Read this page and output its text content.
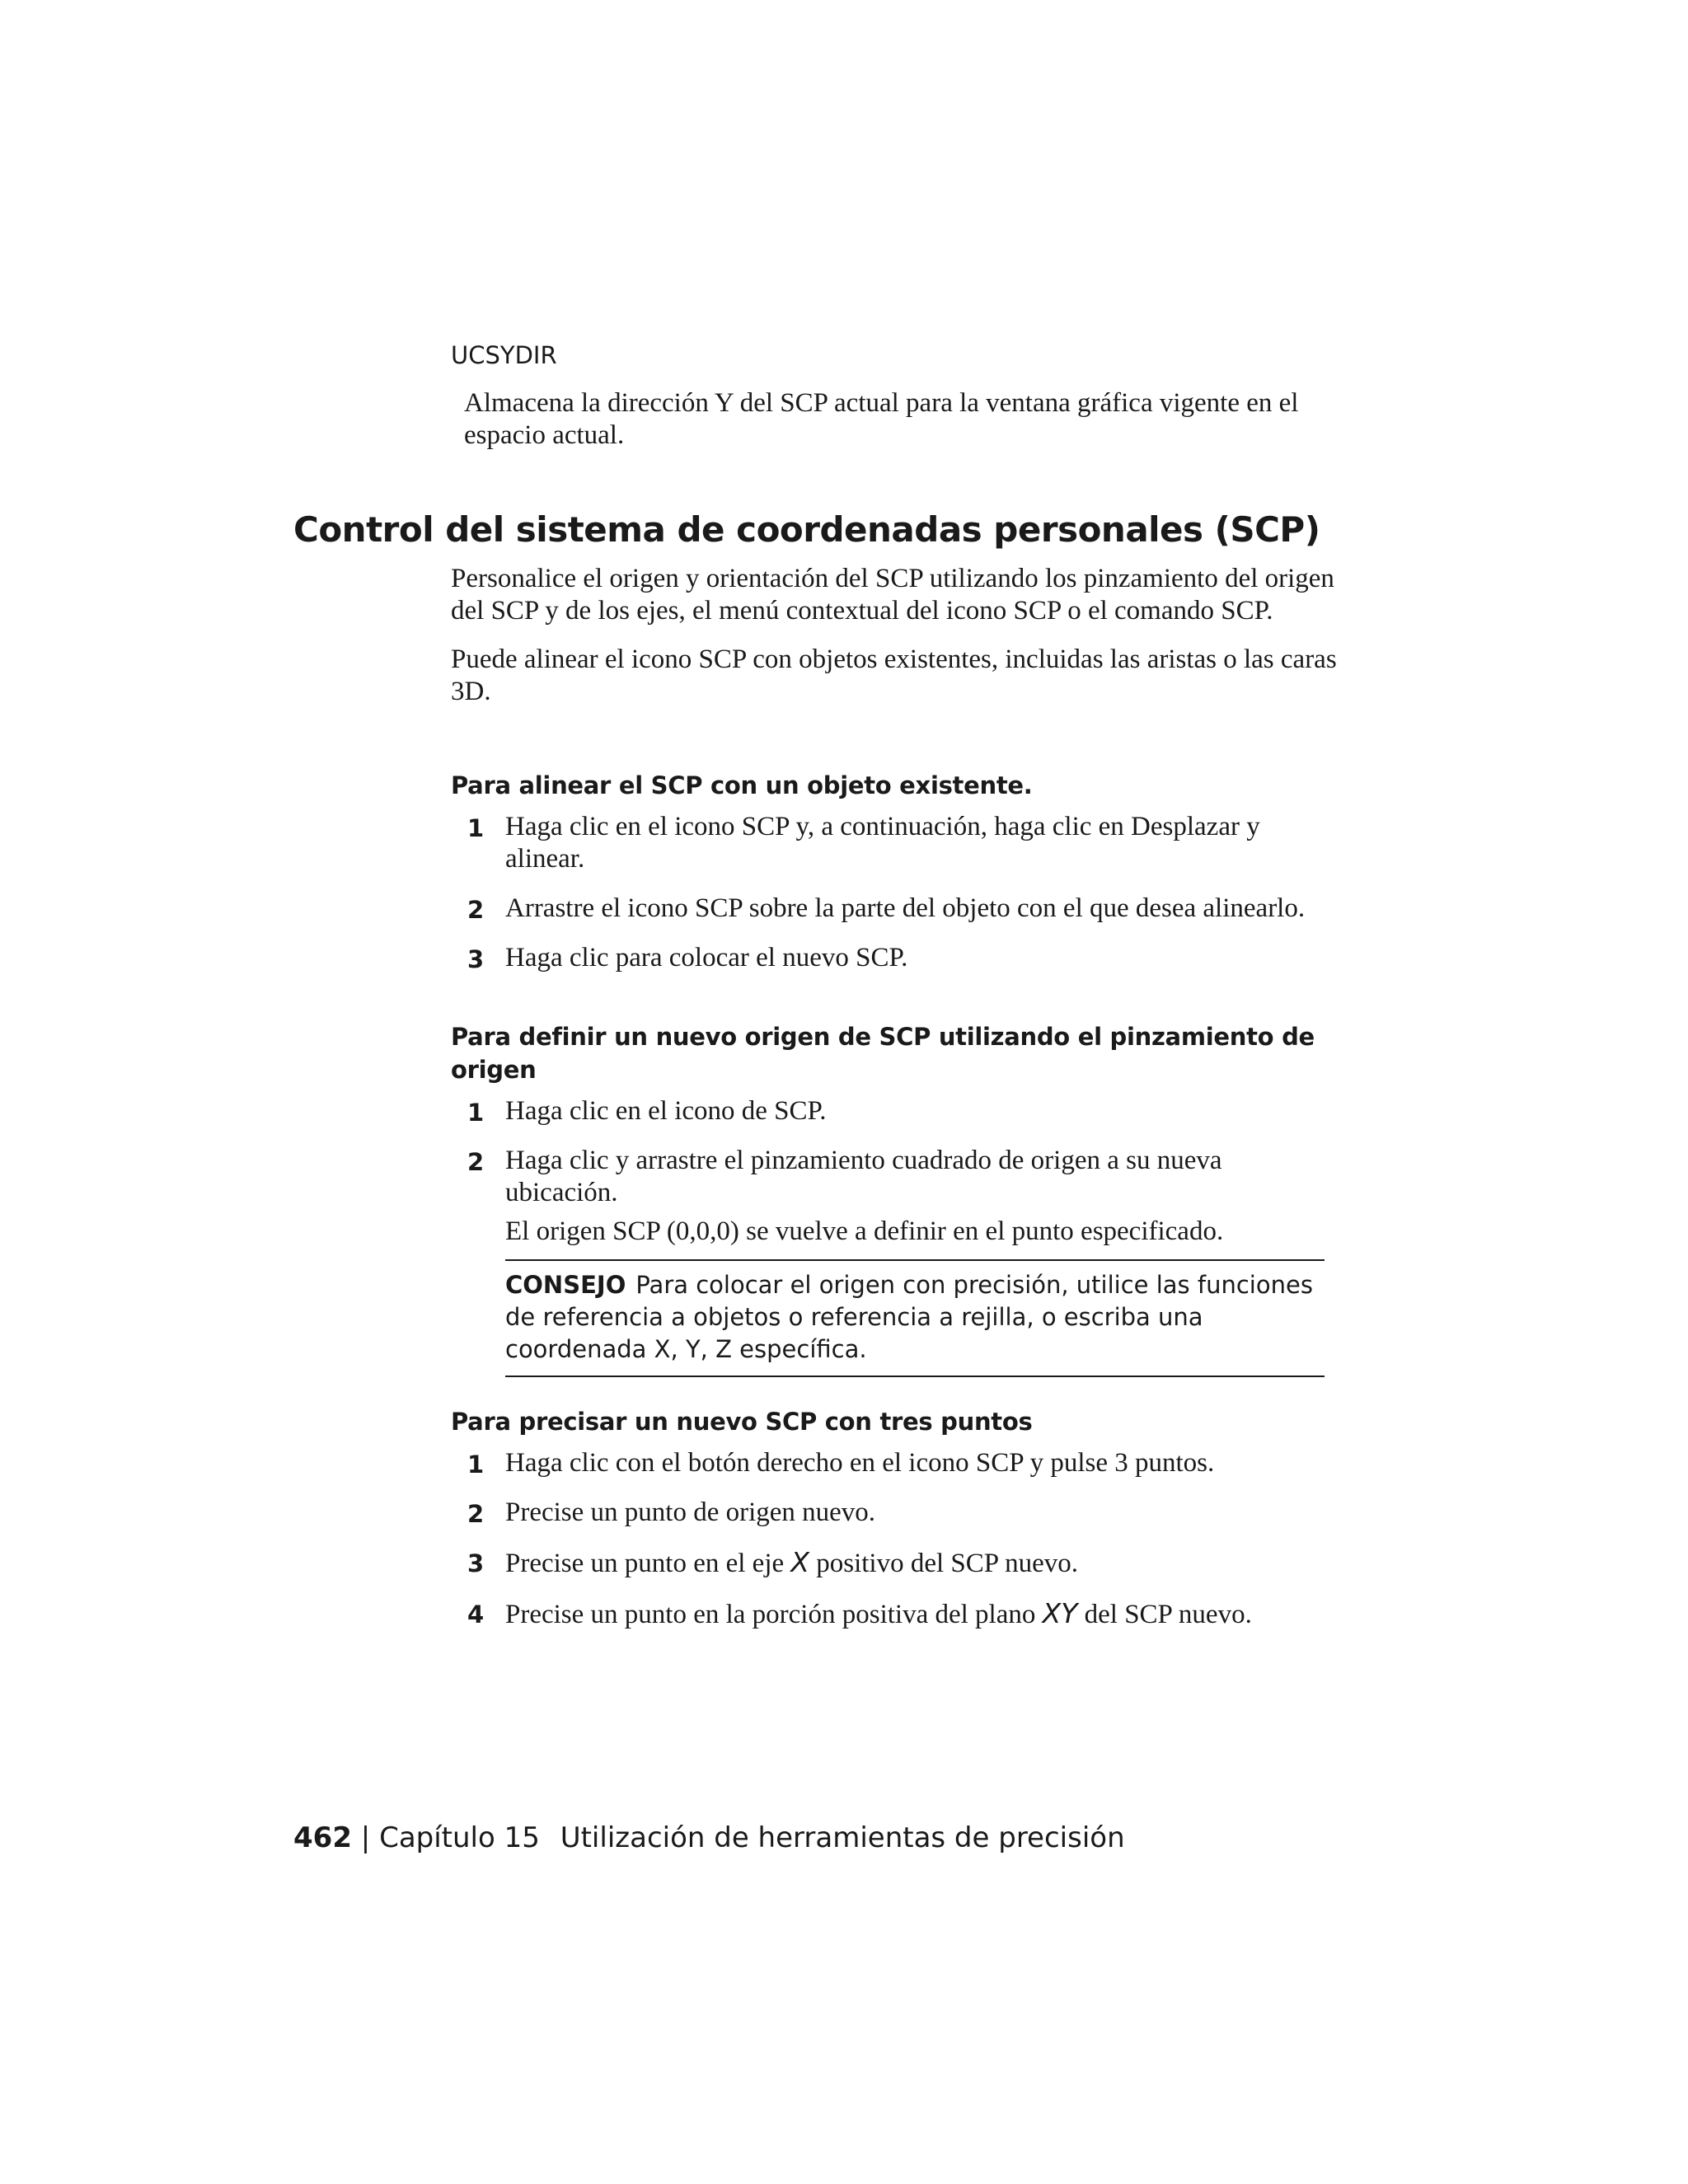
UCSYDIR

Almacena la dirección Y del SCP actual para la ventana gráfica vigente en el espacio actual.

Control del sistema de coordenadas personales (SCP)

Personalice el origen y orientación del SCP utilizando los pinzamiento del origen del SCP y de los ejes, el menú contextual del icono SCP o el comando SCP.

Puede alinear el icono SCP con objetos existentes, incluidas las aristas o las caras 3D.

Para alinear el SCP con un objeto existente.

1 Haga clic en el icono SCP y, a continuación, haga clic en Desplazar y alinear.
2 Arrastre el icono SCP sobre la parte del objeto con el que desea alinearlo.
3 Haga clic para colocar el nuevo SCP.

Para definir un nuevo origen de SCP utilizando el pinzamiento de origen

1 Haga clic en el icono de SCP.
2 Haga clic y arrastre el pinzamiento cuadrado de origen a su nueva ubicación.

El origen SCP (0,0,0) se vuelve a definir en el punto especificado.

CONSEJO Para colocar el origen con precisión, utilice las funciones de referencia a objetos o referencia a rejilla, o escriba una coordenada X, Y, Z específica.

Para precisar un nuevo SCP con tres puntos

1 Haga clic con el botón derecho en el icono SCP y pulse 3 puntos.
2 Precise un punto de origen nuevo.
3 Precise un punto en el eje X positivo del SCP nuevo.
4 Precise un punto en la porción positiva del plano XY del SCP nuevo.
462 | Capítulo 15 Utilización de herramientas de precisión
